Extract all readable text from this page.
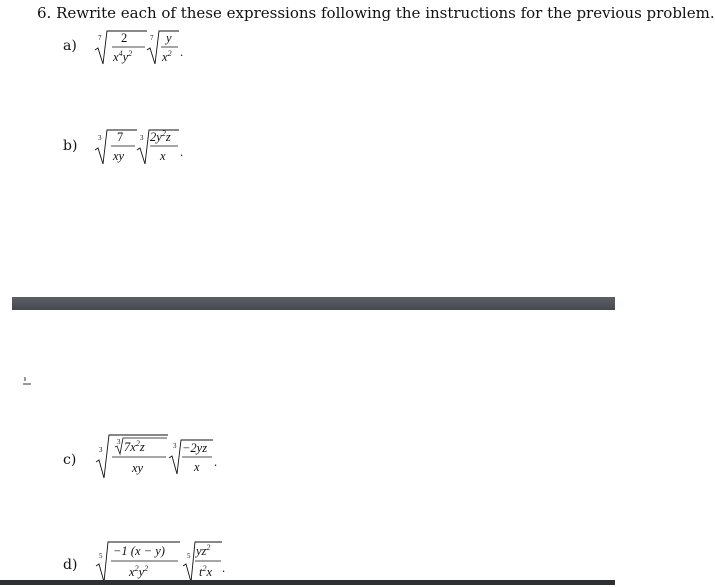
6. Rewrite each of these expressions following the instructions for the previous problem.
a)	7 2
$x^4y^2$
7 y
$x^2$ .
b)	3 7
xy
3 $2y^2z$
x .
c)
3
3 $7x^2z$
xy
3 −2yz
x .
d)
5 −1 (x − y)
$x^2y^2$
5 $yz^2$
$t^2x$ .
